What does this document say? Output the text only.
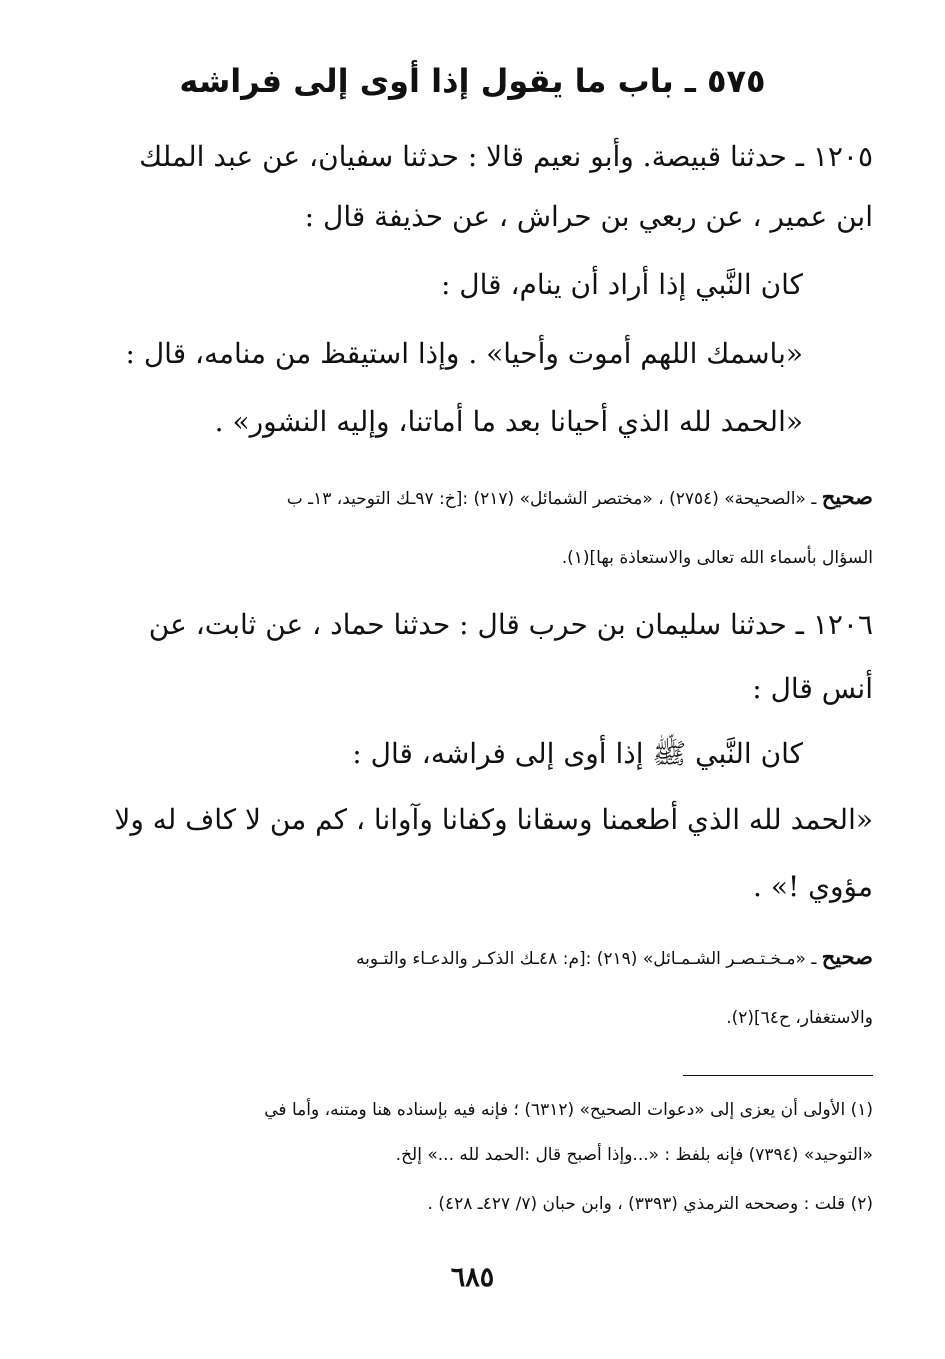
٥٧٥ ـ باب ما يقول إذا أوى إلى فراشه
١٢٠٥ ـ حدثنا قبيصة. وأبو نعيم قالا : حدثنا سفيان، عن عبد الملك
ابن عمير ، عن ربعي بن حراش ، عن حذيفة قال :
كان النَّبي إذا أراد أن ينام، قال :
«باسمك اللهم أموت وأحيا» . وإذا استيقظ من منامه، قال :
«الحمد لله الذي أحيانا بعد ما أماتنا، وإليه النشور» .
صحيح ـ «الصحيحة» (٢٧٥٤) ، «مختصر الشمائل» (٢١٧) :[خ: ٩٧ـك التوحيد، ١٣ـ ب
السؤال بأسماء الله تعالى والاستعاذة بها](١).
١٢٠٦ ـ حدثنا سليمان بن حرب قال : حدثنا حماد ، عن ثابت، عن
أنس قال :
كان النَّبي ﷺ إذا أوى إلى فراشه، قال :
«الحمد لله الذي أطعمنا وسقانا وكفانا وآوانا ، كم من لا كاف له ولا
مؤوي !» .
صحيح ـ «مـخـتـصـر الشـمـائل» (٢١٩) :[م: ٤٨ـك الذكـر والدعـاء والتـوبه
والاستغفار، ح٦٤](٢).
(١) الأولى أن يعزى إلى «دعوات الصحيح» (٦٣١٢) ؛ فإنه فيه بإسناده هنا ومتنه، وأما في
«التوحيد» (٧٣٩٤) فإنه بلفظ : «...وإذا أصبح قال :الحمد لله ...» إلخ.
(٢) قلت : وصححه الترمذي (٣٣٩٣) ، وابن حبان (٧/ ٤٢٧ـ ٤٢٨) .
٦٨٥
